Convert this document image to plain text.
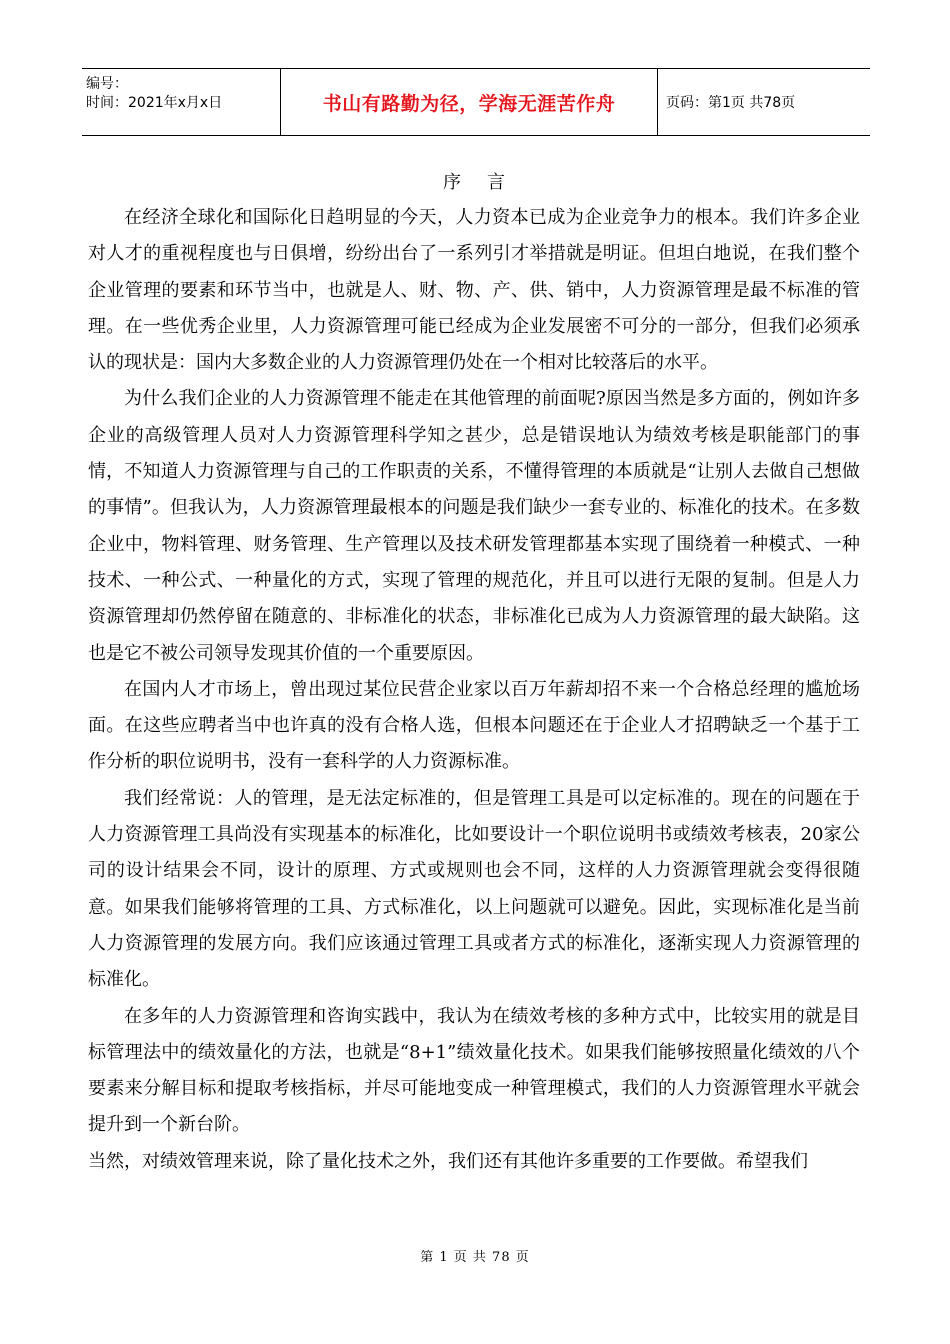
编号：
时间：2021年x月x日	书山有路勤为径，学海无涯苦作舟	页码：第1页 共78页
序 言

在经济全球化和国际化日趋明显的今天，人力资本已成为企业竞争力的根本。我们许多企业对人才的重视程度也与日俱增，纷纷出台了一系列引才举措就是明证。但坦白地说，在我们整个企业管理的要素和环节当中，也就是人、财、物、产、供、销中，人力资源管理是最不标准的管理。在一些优秀企业里，人力资源管理可能已经成为企业发展密不可分的一部分，但我们必须承认的现状是：国内大多数企业的人力资源管理仍处在一个相对比较落后的水平。

为什么我们企业的人力资源管理不能走在其他管理的前面呢?原因当然是多方面的，例如许多企业的高级管理人员对人力资源管理科学知之甚少，总是错误地认为绩效考核是职能部门的事情，不知道人力资源管理与自己的工作职责的关系，不懂得管理的本质就是“让别人去做自己想做的事情”。但我认为，人力资源管理最根本的问题是我们缺少一套专业的、标准化的技术。在多数企业中，物料管理、财务管理、生产管理以及技术研发管理都基本实现了围绕着一种模式、一种技术、一种公式、一种量化的方式，实现了管理的规范化，并且可以进行无限的复制。但是人力资源管理却仍然停留在随意的、非标准化的状态，非标准化已成为人力资源管理的最大缺陷。这也是它不被公司领导发现其价值的一个重要原因。

在国内人才市场上，曾出现过某位民营企业家以百万年薪却招不来一个合格总经理的尴尬场面。在这些应聘者当中也许真的没有合格人选，但根本问题还在于企业人才招聘缺乏一个基于工作分析的职位说明书，没有一套科学的人力资源标准。

我们经常说：人的管理，是无法定标准的，但是管理工具是可以定标准的。现在的问题在于人力资源管理工具尚没有实现基本的标准化，比如要设计一个职位说明书或绩效考核表，20家公司的设计结果会不同，设计的原理、方式或规则也会不同，这样的人力资源管理就会变得很随意。如果我们能够将管理的工具、方式标准化，以上问题就可以避免。因此，实现标准化是当前人力资源管理的发展方向。我们应该通过管理工具或者方式的标准化，逐渐实现人力资源管理的标准化。

在多年的人力资源管理和咨询实践中，我认为在绩效考核的多种方式中，比较实用的就是目标管理法中的绩效量化的方法，也就是“8+1”绩效量化技术。如果我们能够按照量化绩效的八个要素来分解目标和提取考核指标，并尽可能地变成一种管理模式，我们的人力资源管理水平就会提升到一个新台阶。

当然，对绩效管理来说，除了量化技术之外，我们还有其他许多重要的工作要做。希望我们

第 1 页 共 78 页
